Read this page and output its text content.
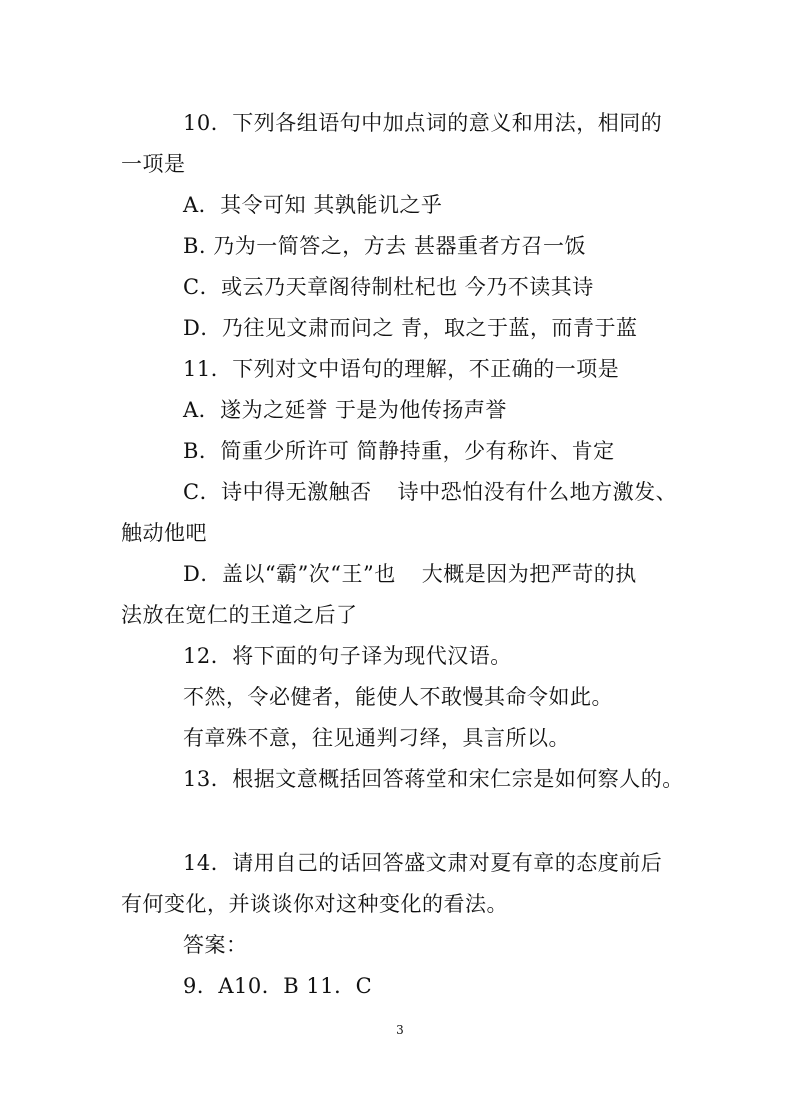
10．下列各组语句中加点词的意义和用法，相同的
一项是
A．其令可知 其孰能讥之乎
B. 乃为一简答之，方去 甚器重者方召一饭
C．或云乃天章阁待制杜杞也 今乃不读其诗
D．乃往见文肃而问之 青，取之于蓝，而青于蓝
11．下列对文中语句的理解，不正确的一项是
A．遂为之延誉 于是为他传扬声誉
B．简重少所许可 简静持重，少有称许、肯定
C．诗中得无激触否 诗中恐怕没有什么地方激发、
触动他吧
D．盖以“霸”次“王”也 大概是因为把严苛的执
法放在宽仁的王道之后了
12．将下面的句子译为现代汉语。
不然，令必健者，能使人不敢慢其命令如此。
有章殊不意，往见通判刁绎，具言所以。
13．根据文意概括回答蒋堂和宋仁宗是如何察人的。
14．请用自己的话回答盛文肃对夏有章的态度前后
有何变化，并谈谈你对这种变化的看法。
答案：
9．A10．B 11．C
3
